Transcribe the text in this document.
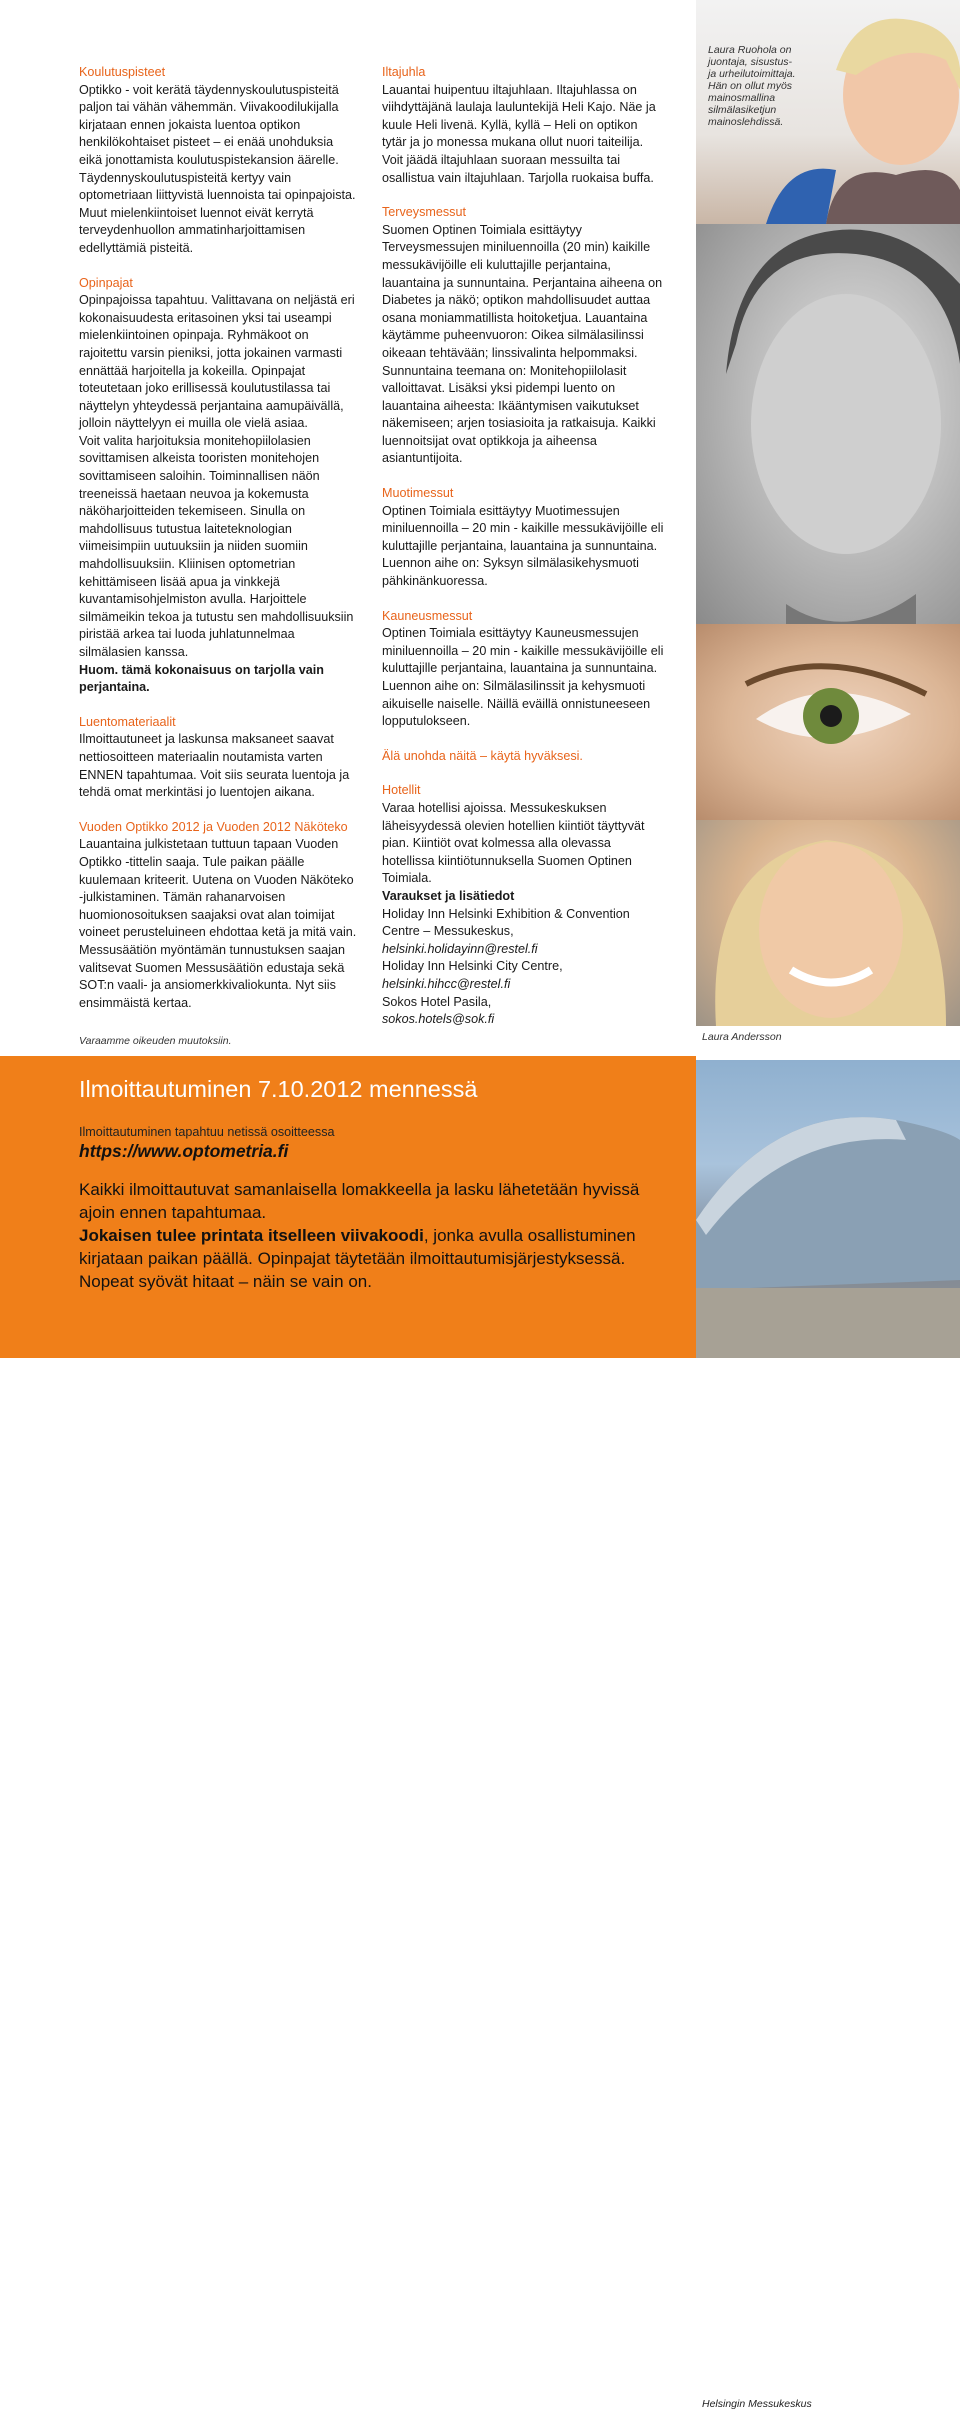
Koulutuspisteet

Optikko - voit kerätä täydennyskoulutuspisteitä paljon tai vähän vähemmän. Viivakoodilukijalla kirjataan ennen jokaista luentoa optikon henkilökohtaiset pisteet – ei enää unohduksia eikä jonottamista koulutuspistekansion äärelle. Täydennyskoulutuspisteitä kertyy vain optometriaan liittyvistä luennoista tai opinpajoista. Muut mielenkiintoiset luennot eivät kerrytä terveydenhuollon ammatinharjoittamisen edellyttämiä pisteitä.

Opinpajat

Opinpajoissa tapahtuu. Valittavana on neljästä eri kokonaisuudesta eritasoinen yksi tai useampi mielenkiintoinen opinpaja. Ryhmäkoot on rajoitettu varsin pieniksi, jotta jokainen varmasti ennättää harjoitella ja kokeilla. Opinpajat toteutetaan joko erillisessä koulutustilassa tai näyttelyn yhteydessä perjantaina aamupäivällä, jolloin näyttelyyn ei muilla ole vielä asiaa.

Voit valita harjoituksia monitehopiilolasien sovittamisen alkeista tooristen monitehojen sovittamiseen saloihin. Toiminnallisen näön treeneissä haetaan neuvoa ja kokemusta näköharjoitteiden tekemiseen. Sinulla on mahdollisuus tutustua laiteteknologian viimeisimpiin uutuuksiin ja niiden suomiin mahdollisuuksiin. Kliinisen optometrian kehittämiseen lisää apua ja vinkkejä kuvantamisohjelmiston avulla. Harjoittele silmämeikin tekoa ja tutustu sen mahdollisuuksiin piristää arkea tai luoda juhlatunnelmaa silmälasien kanssa.

Huom. tämä kokonaisuus on tarjolla vain perjantaina.

Luentomateriaalit

Ilmoittautuneet ja laskunsa maksaneet saavat nettiosoitteen materiaalin noutamista varten ENNEN tapahtumaa. Voit siis seurata luentoja ja tehdä omat merkintäsi jo luentojen aikana.

Vuoden Optikko 2012 ja Vuoden 2012 Näköteko

Lauantaina julkistetaan tuttuun tapaan Vuoden Optikko -tittelin saaja. Tule paikan päälle kuulemaan kriteerit. Uutena on Vuoden Näköteko -julkistaminen. Tämän rahanarvoisen huomionosoituksen saajaksi ovat alan toimijat voineet perusteluineen ehdottaa ketä ja mitä vain. Messusäätiön myöntämän tunnustuksen saajan valitsevat Suomen Messusäätiön edustaja sekä SOT:n vaali- ja ansiomerkkivaliokunta. Nyt siis ensimmäistä kertaa.

Iltajuhla

Lauantai huipentuu iltajuhlaan. Iltajuhlassa on viihdyttäjänä laulaja lauluntekijä Heli Kajo. Näe ja kuule Heli livenä. Kyllä, kyllä – Heli on optikon tytär ja jo monessa mukana ollut nuori taiteilija. Voit jäädä iltajuhlaan suoraan messuilta tai osallistua vain iltajuhlaan. Tarjolla ruokaisa buffa.

Terveysmessut

Suomen Optinen Toimiala esittäytyy Terveysmessujen miniluennoilla (20 min) kaikille messukävijöille eli kuluttajille perjantaina, lauantaina ja sunnuntaina. Perjantaina aiheena on Diabetes ja näkö; optikon mahdollisuudet auttaa osana moniammatillista hoitoketjua. Lauantaina käytämme puheenvuoron: Oikea silmälasilinssi oikeaan tehtävään; linssivalinta helpommaksi. Sunnuntaina teemana on: Monitehopiilolasit valloittavat. Lisäksi yksi pidempi luento on lauantaina aiheesta: Ikääntymisen vaikutukset näkemiseen; arjen tosiasioita ja ratkaisuja. Kaikki luennoitsijat ovat optikkoja ja aiheensa asiantuntijoita.

Muotimessut

Optinen Toimiala esittäytyy Muotimessujen miniluennoilla – 20 min - kaikille messukävijöille eli kuluttajille perjantaina, lauantaina ja sunnuntaina. Luennon aihe on: Syksyn silmälasikehysmuoti pähkinänkuoressa.

Kauneusmessut

Optinen Toimiala esittäytyy Kauneusmessujen miniluennoilla – 20 min - kaikille messukävijöille eli kuluttajille perjantaina, lauantaina ja sunnuntaina. Luennon aihe on: Silmälasilinssit ja kehysmuoti aikuiselle naiselle. Näillä eväillä onnistuneeseen lopputulokseen.

Älä unohda näitä – käytä hyväksesi.
Hotellit

Varaa hotellisi ajoissa. Messukeskuksen läheisyydessä olevien hotellien kiintiöt täyttyvät pian. Kiintiöt ovat kolmessa alla olevassa hotellissa kiintiötunnuksella Suomen Optinen Toimiala.

Varaukset ja lisätiedot

Holiday Inn Helsinki Exhibition & Convention Centre – Messukeskus,

helsinki.holidayinn@restel.fi

Holiday Inn Helsinki City Centre,

helsinki.hihcc@restel.fi

Sokos Hotel Pasila,

sokos.hotels@sok.fi

Laura Ruohola on juontaja, sisustus-ja urheilutoimittaja. Hän on ollut myös mainosmallina silmälasiketjun mainoslehdissä.
Laura Andersson
Helsingin Messukeskus
Varaamme oikeuden muutoksiin.
Ilmoittautuminen 7.10.2012 mennessä
Ilmoittautuminen tapahtuu netissä osoitteessa
https://www.optometria.fi

Kaikki ilmoittautuvat samanlaisella lomakkeella ja lasku lähetetään hyvissä ajoin ennen tapahtumaa.

Jokaisen tulee printata itselleen viivakoodi, jonka avulla osallistuminen kirjataan paikan päällä. Opinpajat täytetään ilmoittautumisjärjestyksessä. Nopeat syövät hitaat – näin se vain on.
